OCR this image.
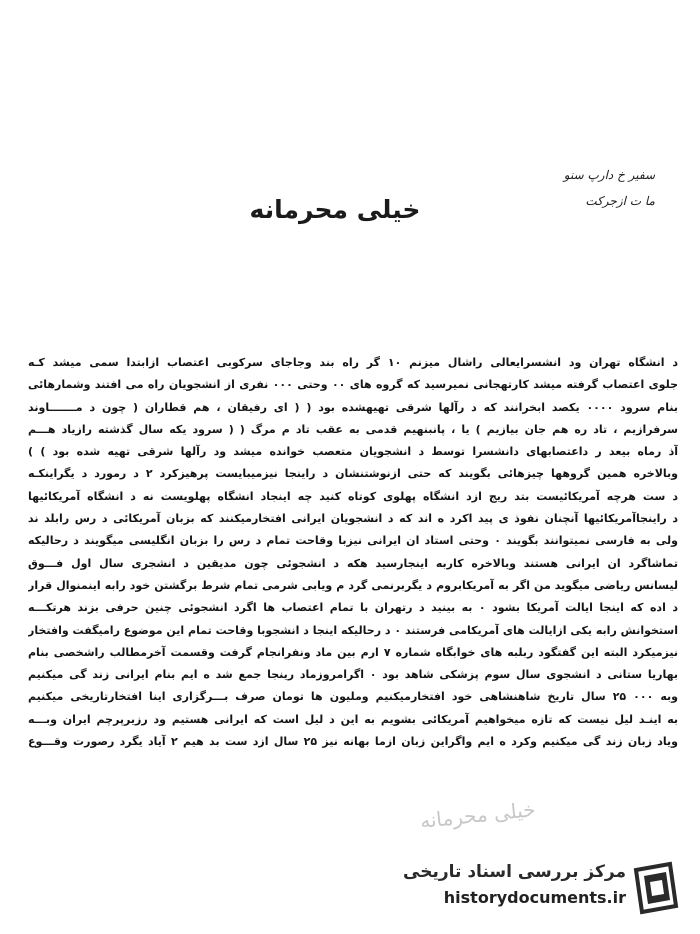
سفیر خ دارپ سنو
ما ت ازجرکت
خیلی محرمانه
د انشگاه تهران ود انشسرایعالی راشال میزنم ۱۰ گر راه بند وجاجای سرکوبی اعتصاب ازابتدا سمی میشد کـه
جلوی اعتصاب گرفته میشد کارتهجانی نمیرسید که گروه های ۰۰ وحتی ۰۰۰ نفری از انشجویان راه می افتند وشمارهائی
بنام سرود ۰۰۰۰ یکصد ابخرانند که د رآلها شرقی تهیهشده بود ( ( ای رفیقان ، هم قطاران ( چون د مـــــــاوند
سرفرازیم ، تاد ره هم جان بیازیم ) یا ، پانبنهیم قدمی به عقب تاد م مرگ ( ( سرود یکه سال گذشته رازیاد هـــم
آذ رماه بیعد ر داعتصابهای دانشسرا توسط د انشجویان متعصب خوانده میشد ود رآلها شرقی تهیه شده بود ) )
وبالاخره همین گروهها چیزهائی بگویند که حتی ازنوشتنشان د راینجا نیزمیبایست پرهیزکرد ۲ د رمورد د یگراینکـه
د ست هرچه آمریکائیست بتد ریج ازد انشگاه پهلوی کوتاه کنید چه اینجاد انشگاه پهلویست نه د انشگاه آمریکائیها
د راینجاآمریکائیها آنچنان نفوذ ی پید اکرد ه اند که د انشجویان ایرانی افتخارمیکنند که بزبان آمریکائی د رس رابلد ند
ولی به فارسی نمیتوانند بگویند ۰ وحتی استاد ان ایرانی نیزبا وقاحت تمام د رس را بزبان انگلیسی میگویند د رحالیکه
تماشاگرد ان ایرانی هستند وبالاخره کاربه اینجارسید هکه د انشجوئی چون مدیقین د انشجری سال اول فـــوق
لیسانس ریاضی میگوید من اگر به آمریکابروم د یگربرنمی گرد م ویابی شرمی تمام شرط برگشتن خود رابه اینمنوال قرار
د اده که اینجا ایالت آمریکا بشود ۰ به بینید د رتهران با تمام اعتصاب ها اگرد انشجوئی چنین حرفی بزند هرتکـــه
استخوانش رابه یکی ازایالت های آمریکامی فرستند ۰ د رحالیکه اینجا د انشجوبا وقاحت تمام این موضوع رامیگفت وافتخار
نیزمیکرد البته این گفتگود ربلبه های خوابگاه شماره ۷ ارم بین ماد ونفرانجام گرفت وقسمت آخرمطالب راشخصی بنام
بهاریا ستانی د انشجوی سال سوم پزشکی شاهد بود ۰ اگرامروزماد رینجا جمع شد ه ایم بنام ایرانی زند گی میکنیم
وبه ۰۰۰ ۲۵ سال تاریخ شاهنشاهی خود افتخارمیکنیم وملیون ها تومان صرف بـــرگزاری اینا افتخارتاریخی میکنیم
به اینـد لیل نیست که تازه میخواهیم آمریکائی بشویم به این د لیل است که ایرانی هستیم ود رزیرپرچم ایران وبـــه
ویاد زبان زند گی میکنیم وکرد ه ایم واگراین زبان ازما بهانه نیز ۲۵ سال ازد ست بد هیم ۲ آیاد یگرد رصورت وقـــوع
خیلی محرمانه
مرکز بررسی اسناد تاریخی
historydocuments.ir
